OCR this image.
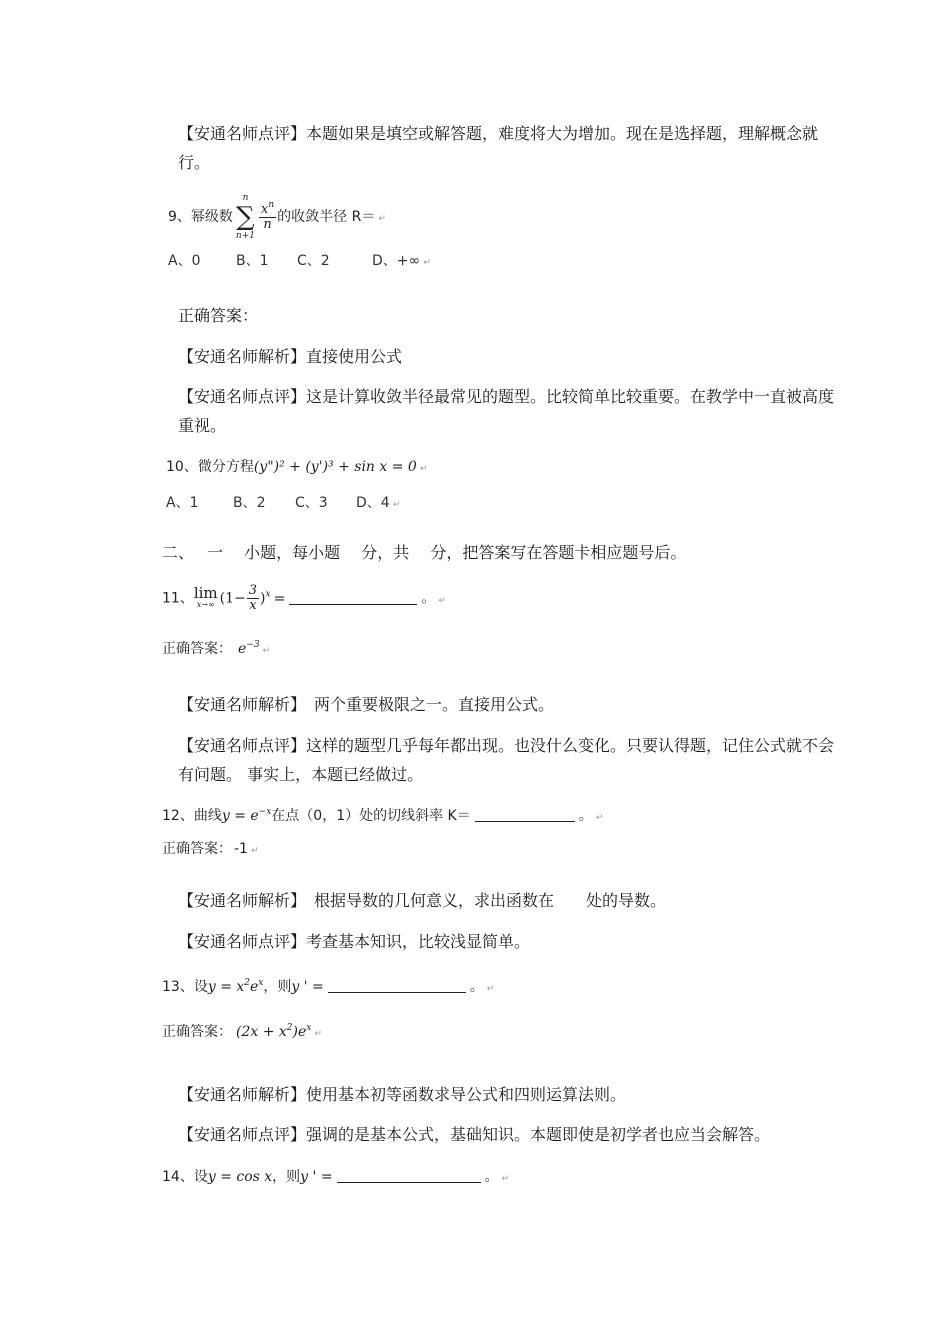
【安通名师点评】本题如果是填空或解答题，难度将大为增加。现在是选择题，理解概念就行。
9、幂级数
n
∑
n+1
$\frac{x^n}{n}$ 的收敛半径 R＝ ↵
A、0	B、1 C、2	D、+∞ ↵
正确答案：
【安通名师解析】直接使用公式
【安通名师点评】这是计算收敛半径最常见的题型。比较简单比较重要。在教学中一直被高度重视。
10、微分方程(y")² + (y')³ + sin x = 0 ↵
A、1 B、2 C、3 D、4 ↵
二、　 一　 小题，每小题　 分，共　 分，把答案写在答题卡相应题号后。
11、 lim
x→∞ $(1- \frac{3}{x} )^x$ =	。 ↵
正确答案： $e^{-3}↵$
【安通名师解析】　两个重要极限之一。直接用公式。
【安通名师点评】这样的题型几乎每年都出现。也没什么变化。只要认得题，记住公式就不会有问题。 事实上，本题已经做过。
12、曲线$y = e^{-x}$在点（0，1）处的切线斜率 K＝	。 ↵
正确答案： -1 ↵
【安通名师解析】　根据导数的几何意义，求出函数在　　处的导数。
【安通名师点评】考查基本知识，比较浅显简单。
13、设$y = x^2e^x$，则y ' =	。 ↵
正确答案： $(2x + x^2)e^x↵$
【安通名师解析】使用基本初等函数求导公式和四则运算法则。
【安通名师点评】强调的是基本公式，基础知识。本题即使是初学者也应当会解答。
14、设y = cos x，则y ' =	。 ↵
